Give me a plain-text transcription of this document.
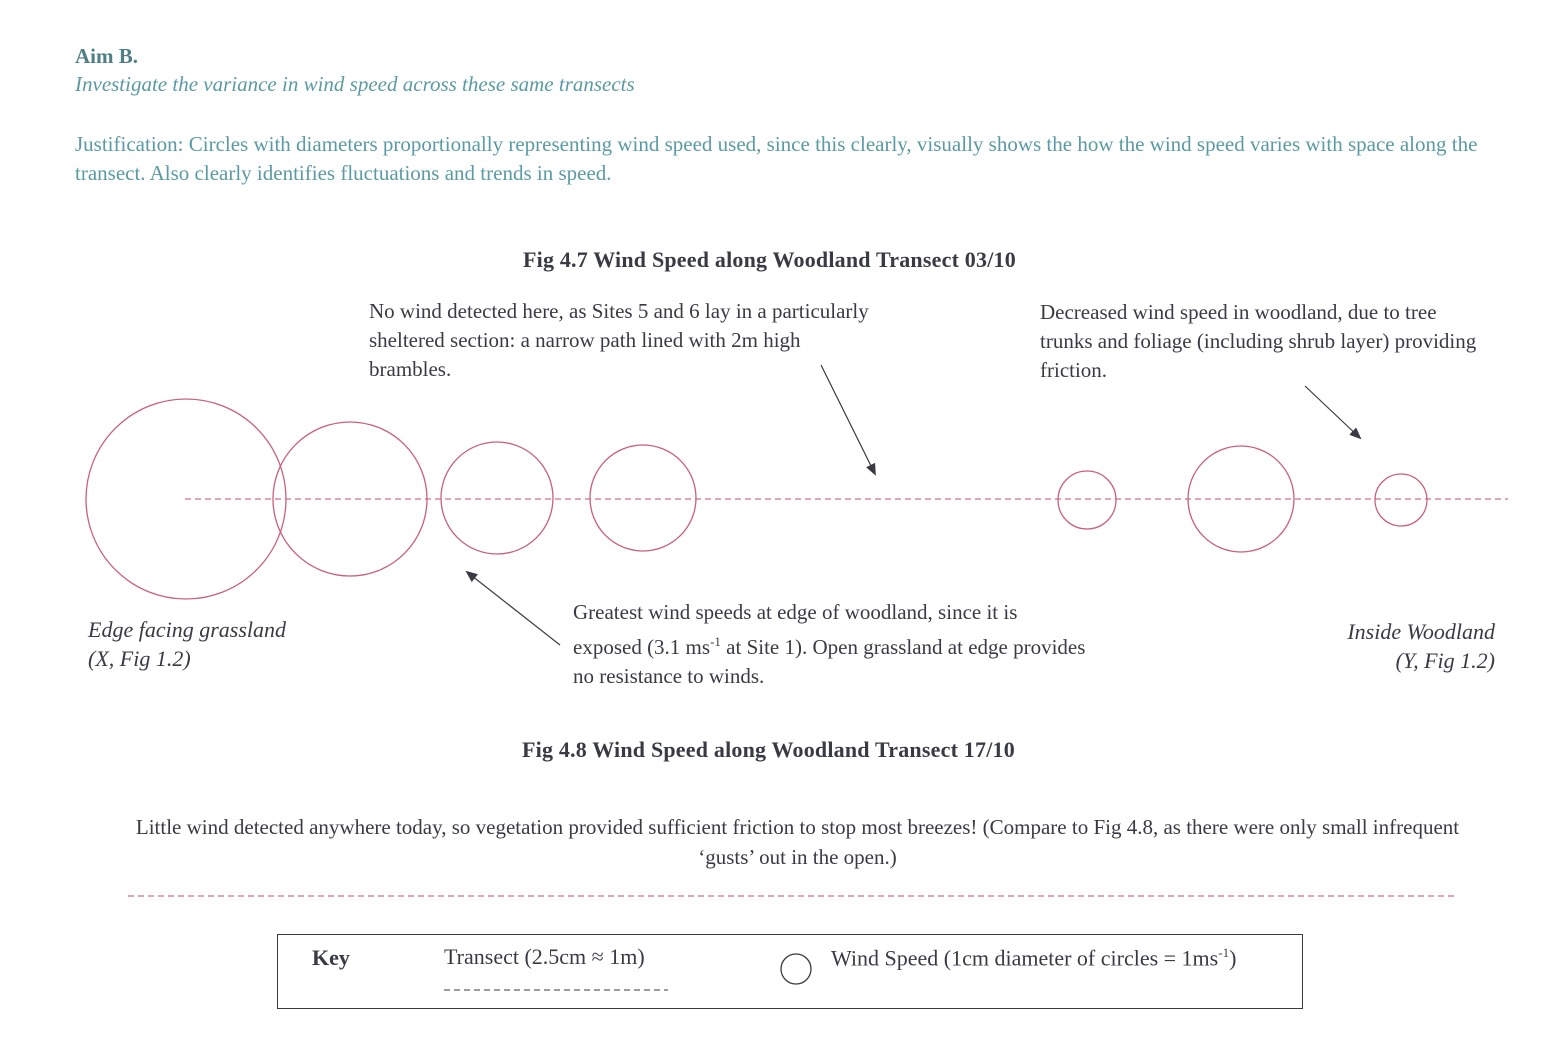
Aim B.
Investigate the variance in wind speed across these same transects
Justification: Circles with diameters proportionally representing wind speed used, since this clearly, visually shows the how the wind speed varies with space along the transect. Also clearly identifies fluctuations and trends in speed.
Fig 4.7 Wind Speed along Woodland Transect 03/10
No wind detected here, as Sites 5 and 6 lay in a particularly sheltered section: a narrow path lined with 2m high brambles.
Decreased wind speed in woodland, due to tree trunks and foliage (including shrub layer) providing friction.
Greatest wind speeds at edge of woodland, since it is exposed (3.1 $ms^{-1}$ at Site 1). Open grassland at edge provides no resistance to winds.
Edge facing grassland
(X, Fig 1.2)
Inside Woodland
(Y, Fig 1.2)
Fig 4.8 Wind Speed along Woodland Transect 17/10
Little wind detected anywhere today, so vegetation provided sufficient friction to stop most breezes! (Compare to Fig 4.8, as there were only small infrequent ‘gusts’ out in the open.)
Key	Transect (2.5cm ≈ 1m)	Wind Speed (1cm diameter of circles = $1ms^{-1}$)
